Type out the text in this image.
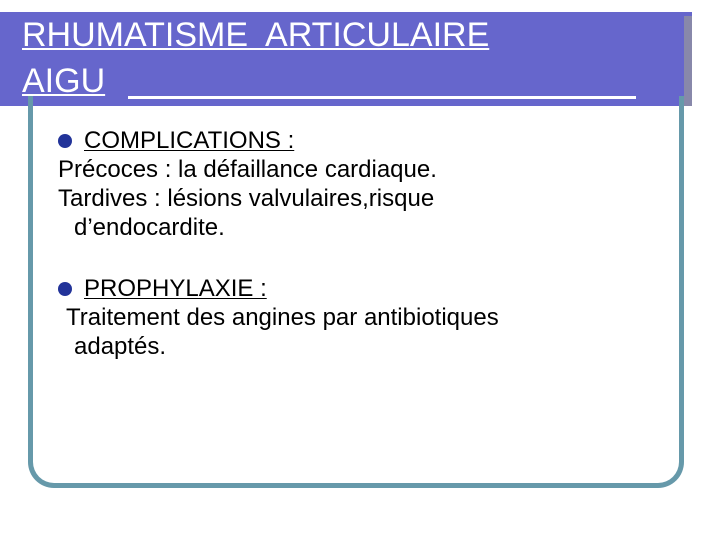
RHUMATISME  ARTICULAIRE
AIGU
COMPLICATIONS :
Précoces : la défaillance cardiaque.
Tardives : lésions valvulaires,risque
d’endocardite.
PROPHYLAXIE :
Traitement des angines par antibiotiques
adaptés.
